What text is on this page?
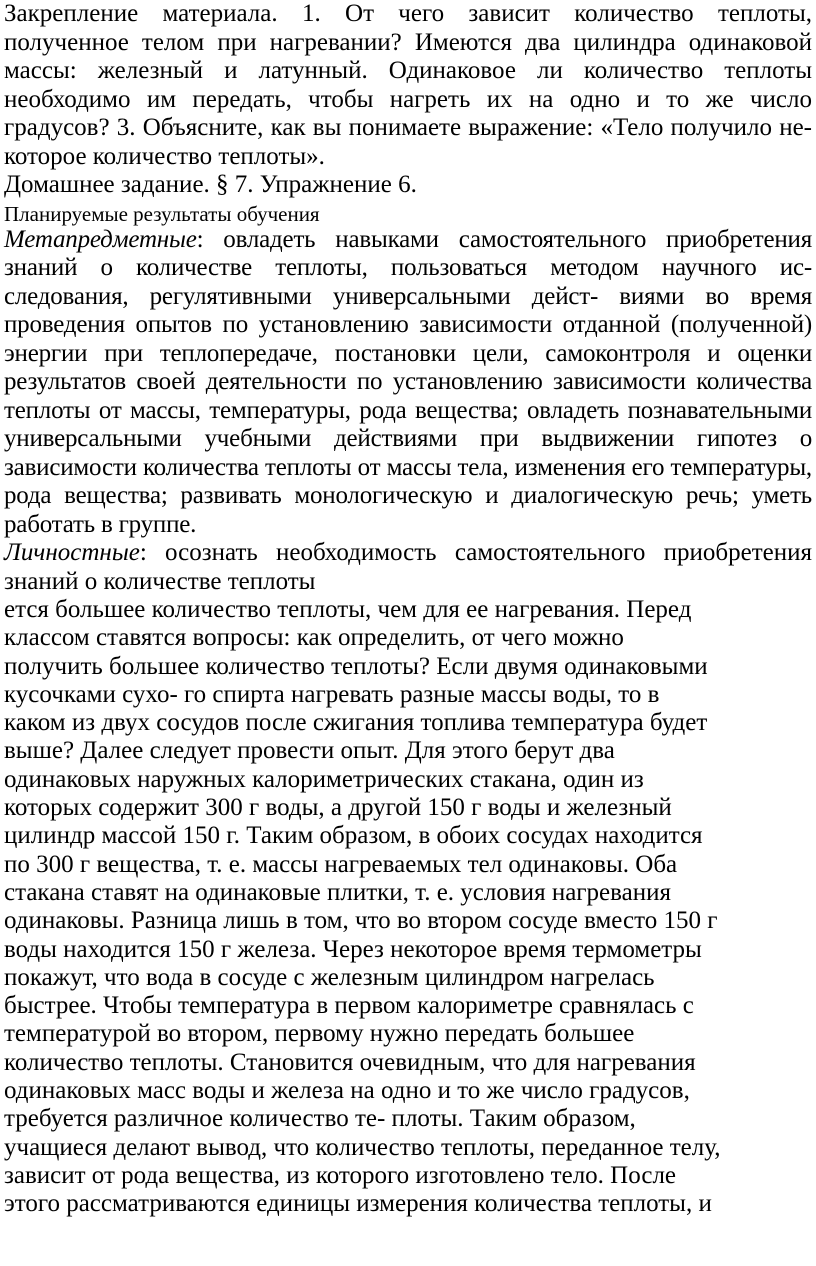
Закрепление материала. 1. От чего зависит количество теплоты, полученное телом при нагревании? Имеются два цилиндра одинаковой массы: железный и латунный. Одинаковое ли количество теплоты необходимо им передать, чтобы нагреть их на одно и то же число градусов? 3. Объясните, как вы понимаете выражение: «Тело получило не- которое количество теплоты».

Домашнее задание. § 7. Упражнение 6.

Планируемые результаты обучения

Метапредметные: овладеть навыками самостоятельного приобретения знаний о количестве теплоты, пользоваться методом научного ис- следования, регулятивными универсальными дейст- виями во время проведения опытов по установлению зависимости отданной (полученной) энергии при теплопередаче, постановки цели, самоконтроля и оценки результатов своей деятельности по установлению зависимости количества теплоты от массы, температуры, рода вещества; овладеть познавательными универсальными учебными действиями при выдвижении гипотез о зависимости количества теплоты от массы тела, изменения его температуры, рода вещества; развивать монологическую и диалогическую речь; уметь работать в группе.

Личностные: осознать необходимость самостоятельного приобретения знаний о количестве теплоты

ется большее количество теплоты, чем для ее нагревания. Перед
классом ставятся вопросы: как определить, от чего можно
получить большее количество теплоты? Если двумя одинаковыми
кусочками сухо- го спирта нагревать разные массы воды, то в
каком из двух сосудов после сжигания топлива температура будет
выше? Далее следует провести опыт. Для этого берут два
одинаковых наружных калориметрических стакана, один из
которых содержит 300 г воды, а другой 150 г воды и железный
цилиндр массой 150 г. Таким образом, в обоих сосудах находится
по 300 г вещества, т. е. массы нагреваемых тел одинаковы. Оба
стакана ставят на одинаковые плитки, т. е. условия нагревания
одинаковы. Разница лишь в том, что во втором сосуде вместо 150 г
воды находится 150 г железа. Через некоторое время термометры
покажут, что вода в сосуде с железным цилиндром нагрелась
быстрее. Чтобы температура в первом калориметре сравнялась с
температурой во втором, первому нужно передать большее
количество теплоты. Становится очевидным, что для нагревания
одинаковых масс воды и железа на одно и то же число градусов,
требуется различное количество те- плоты. Таким образом,
учащиеся делают вывод, что количество теплоты, переданное телу,
зависит от рода вещества, из которого изготовлено тело. После
этого рассматриваются единицы измерения количества теплоты, и
